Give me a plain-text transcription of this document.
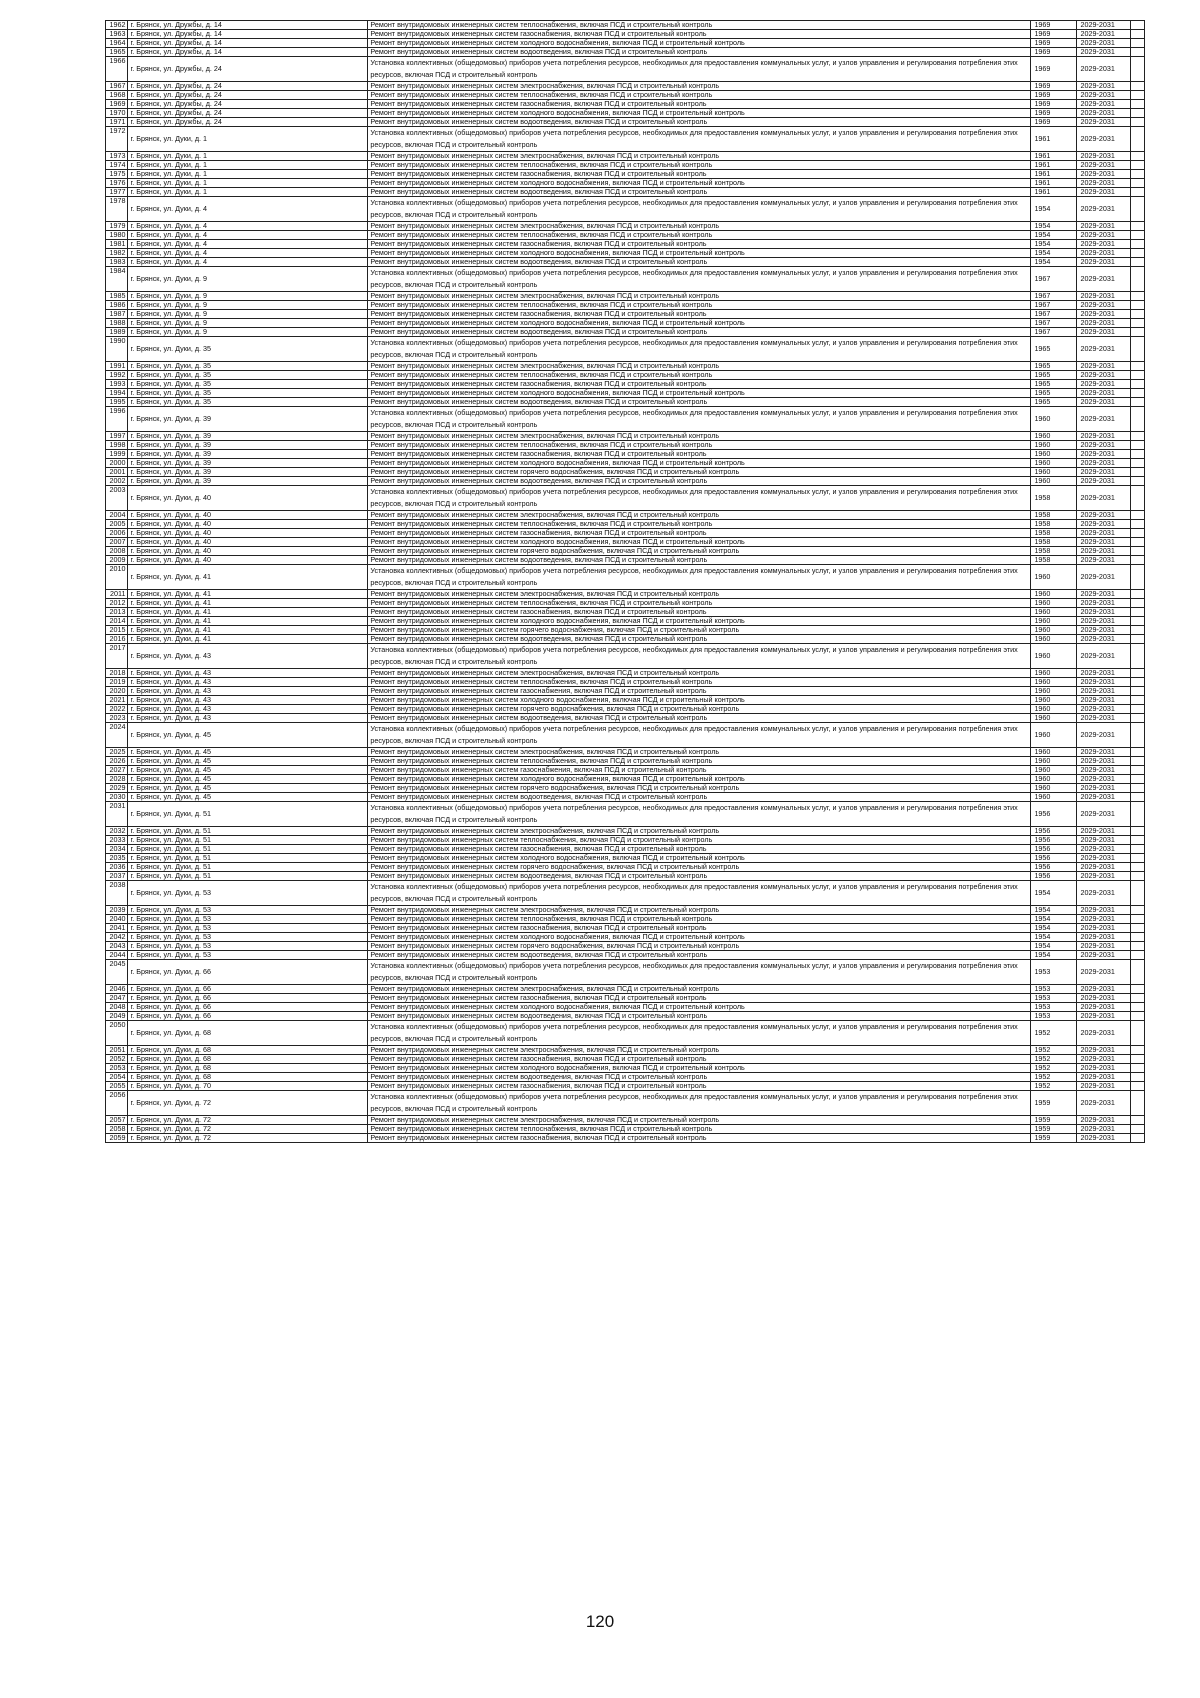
1962	г. Брянск, ул. Дружбы, д. 14	Ремонт внутридомовых инженерных систем теплоснабжения, включая ПСД и строительный контроль	1969	2029-2031	
1963	г. Брянск, ул. Дружбы, д. 14	Ремонт внутридомовых инженерных систем газоснабжения, включая ПСД и строительный контроль	1969	2029-2031	
1964	г. Брянск, ул. Дружбы, д. 14	Ремонт внутридомовых инженерных систем холодного водоснабжения, включая ПСД и строительный контроль	1969	2029-2031	
1965	г. Брянск, ул. Дружбы, д. 14	Ремонт внутридомовых инженерных систем водоотведения, включая ПСД и строительный контроль	1969	2029-2031	
1966	г. Брянск, ул. Дружбы, д. 24	Установка коллективных (общедомовых) приборов учета потребления ресурсов, необходимых для предоставления коммунальных услуг, и узлов управления и регулирования потребления этих ресурсов, включая ПСД и строительный контроль	1969	2029-2031	
1967	г. Брянск, ул. Дружбы, д. 24	Ремонт внутридомовых инженерных систем электроснабжения, включая ПСД и строительный контроль	1969	2029-2031	
1968	г. Брянск, ул. Дружбы, д. 24	Ремонт внутридомовых инженерных систем теплоснабжения, включая ПСД и строительный контроль	1969	2029-2031	
1969	г. Брянск, ул. Дружбы, д. 24	Ремонт внутридомовых инженерных систем газоснабжения, включая ПСД и строительный контроль	1969	2029-2031	
1970	г. Брянск, ул. Дружбы, д. 24	Ремонт внутридомовых инженерных систем холодного водоснабжения, включая ПСД и строительный контроль	1969	2029-2031	
1971	г. Брянск, ул. Дружбы, д. 24	Ремонт внутридомовых инженерных систем водоотведения, включая ПСД и строительный контроль	1969	2029-2031	
1972	г. Брянск, ул. Дуки, д. 1	Установка коллективных (общедомовых) приборов учета потребления ресурсов, необходимых для предоставления коммунальных услуг, и узлов управления и регулирования потребления этих ресурсов, включая ПСД и строительный контроль	1961	2029-2031	
1973	г. Брянск, ул. Дуки, д. 1	Ремонт внутридомовых инженерных систем электроснабжения, включая ПСД и строительный контроль	1961	2029-2031	
1974	г. Брянск, ул. Дуки, д. 1	Ремонт внутридомовых инженерных систем теплоснабжения, включая ПСД и строительный контроль	1961	2029-2031	
1975	г. Брянск, ул. Дуки, д. 1	Ремонт внутридомовых инженерных систем газоснабжения, включая ПСД и строительный контроль	1961	2029-2031	
1976	г. Брянск, ул. Дуки, д. 1	Ремонт внутридомовых инженерных систем холодного водоснабжения, включая ПСД и строительный контроль	1961	2029-2031	
1977	г. Брянск, ул. Дуки, д. 1	Ремонт внутридомовых инженерных систем водоотведения, включая ПСД и строительный контроль	1961	2029-2031	
1978	г. Брянск, ул. Дуки, д. 4	Установка коллективных (общедомовых) приборов учета потребления ресурсов, необходимых для предоставления коммунальных услуг, и узлов управления и регулирования потребления этих ресурсов, включая ПСД и строительный контроль	1954	2029-2031	
1979	г. Брянск, ул. Дуки, д. 4	Ремонт внутридомовых инженерных систем электроснабжения, включая ПСД и строительный контроль	1954	2029-2031	
1980	г. Брянск, ул. Дуки, д. 4	Ремонт внутридомовых инженерных систем теплоснабжения, включая ПСД и строительный контроль	1954	2029-2031	
1981	г. Брянск, ул. Дуки, д. 4	Ремонт внутридомовых инженерных систем газоснабжения, включая ПСД и строительный контроль	1954	2029-2031	
1982	г. Брянск, ул. Дуки, д. 4	Ремонт внутридомовых инженерных систем холодного водоснабжения, включая ПСД и строительный контроль	1954	2029-2031	
1983	г. Брянск, ул. Дуки, д. 4	Ремонт внутридомовых инженерных систем водоотведения, включая ПСД и строительный контроль	1954	2029-2031	
1984	г. Брянск, ул. Дуки, д. 9	Установка коллективных (общедомовых) приборов учета потребления ресурсов, необходимых для предоставления коммунальных услуг, и узлов управления и регулирования потребления этих ресурсов, включая ПСД и строительный контроль	1967	2029-2031	
1985	г. Брянск, ул. Дуки, д. 9	Ремонт внутридомовых инженерных систем электроснабжения, включая ПСД и строительный контроль	1967	2029-2031	
1986	г. Брянск, ул. Дуки, д. 9	Ремонт внутридомовых инженерных систем теплоснабжения, включая ПСД и строительный контроль	1967	2029-2031	
1987	г. Брянск, ул. Дуки, д. 9	Ремонт внутридомовых инженерных систем газоснабжения, включая ПСД и строительный контроль	1967	2029-2031	
1988	г. Брянск, ул. Дуки, д. 9	Ремонт внутридомовых инженерных систем холодного водоснабжения, включая ПСД и строительный контроль	1967	2029-2031	
1989	г. Брянск, ул. Дуки, д. 9	Ремонт внутридомовых инженерных систем водоотведения, включая ПСД и строительный контроль	1967	2029-2031	
1990	г. Брянск, ул. Дуки, д. 35	Установка коллективных (общедомовых) приборов учета потребления ресурсов, необходимых для предоставления коммунальных услуг, и узлов управления и регулирования потребления этих ресурсов, включая ПСД и строительный контроль	1965	2029-2031	
1991	г. Брянск, ул. Дуки, д. 35	Ремонт внутридомовых инженерных систем электроснабжения, включая ПСД и строительный контроль	1965	2029-2031	
1992	г. Брянск, ул. Дуки, д. 35	Ремонт внутридомовых инженерных систем теплоснабжения, включая ПСД и строительный контроль	1965	2029-2031	
1993	г. Брянск, ул. Дуки, д. 35	Ремонт внутридомовых инженерных систем газоснабжения, включая ПСД и строительный контроль	1965	2029-2031	
1994	г. Брянск, ул. Дуки, д. 35	Ремонт внутридомовых инженерных систем холодного водоснабжения, включая ПСД и строительный контроль	1965	2029-2031	
1995	г. Брянск, ул. Дуки, д. 35	Ремонт внутридомовых инженерных систем водоотведения, включая ПСД и строительный контроль	1965	2029-2031	
1996	г. Брянск, ул. Дуки, д. 39	Установка коллективных (общедомовых) приборов учета потребления ресурсов, необходимых для предоставления коммунальных услуг, и узлов управления и регулирования потребления этих ресурсов, включая ПСД и строительный контроль	1960	2029-2031	
1997	г. Брянск, ул. Дуки, д. 39	Ремонт внутридомовых инженерных систем электроснабжения, включая ПСД и строительный контроль	1960	2029-2031	
1998	г. Брянск, ул. Дуки, д. 39	Ремонт внутридомовых инженерных систем теплоснабжения, включая ПСД и строительный контроль	1960	2029-2031	
1999	г. Брянск, ул. Дуки, д. 39	Ремонт внутридомовых инженерных систем газоснабжения, включая ПСД и строительный контроль	1960	2029-2031	
2000	г. Брянск, ул. Дуки, д. 39	Ремонт внутридомовых инженерных систем холодного водоснабжения, включая ПСД и строительный контроль	1960	2029-2031	
2001	г. Брянск, ул. Дуки, д. 39	Ремонт внутридомовых инженерных систем горячего водоснабжения, включая ПСД и строительный контроль	1960	2029-2031	
2002	г. Брянск, ул. Дуки, д. 39	Ремонт внутридомовых инженерных систем водоотведения, включая ПСД и строительный контроль	1960	2029-2031	
2003	г. Брянск, ул. Дуки, д. 40	Установка коллективных (общедомовых) приборов учета потребления ресурсов, необходимых для предоставления коммунальных услуг, и узлов управления и регулирования потребления этих ресурсов, включая ПСД и строительный контроль	1958	2029-2031	
2004	г. Брянск, ул. Дуки, д. 40	Ремонт внутридомовых инженерных систем электроснабжения, включая ПСД и строительный контроль	1958	2029-2031	
2005	г. Брянск, ул. Дуки, д. 40	Ремонт внутридомовых инженерных систем теплоснабжения, включая ПСД и строительный контроль	1958	2029-2031	
2006	г. Брянск, ул. Дуки, д. 40	Ремонт внутридомовых инженерных систем газоснабжения, включая ПСД и строительный контроль	1958	2029-2031	
2007	г. Брянск, ул. Дуки, д. 40	Ремонт внутридомовых инженерных систем холодного водоснабжения, включая ПСД и строительный контроль	1958	2029-2031	
2008	г. Брянск, ул. Дуки, д. 40	Ремонт внутридомовых инженерных систем горячего водоснабжения, включая ПСД и строительный контроль	1958	2029-2031	
2009	г. Брянск, ул. Дуки, д. 40	Ремонт внутридомовых инженерных систем водоотведения, включая ПСД и строительный контроль	1958	2029-2031	
2010	г. Брянск, ул. Дуки, д. 41	Установка коллективных (общедомовых) приборов учета потребления ресурсов, необходимых для предоставления коммунальных услуг, и узлов управления и регулирования потребления этих ресурсов, включая ПСД и строительный контроль	1960	2029-2031	
2011	г. Брянск, ул. Дуки, д. 41	Ремонт внутридомовых инженерных систем электроснабжения, включая ПСД и строительный контроль	1960	2029-2031	
2012	г. Брянск, ул. Дуки, д. 41	Ремонт внутридомовых инженерных систем теплоснабжения, включая ПСД и строительный контроль	1960	2029-2031	
2013	г. Брянск, ул. Дуки, д. 41	Ремонт внутридомовых инженерных систем газоснабжения, включая ПСД и строительный контроль	1960	2029-2031	
2014	г. Брянск, ул. Дуки, д. 41	Ремонт внутридомовых инженерных систем холодного водоснабжения, включая ПСД и строительный контроль	1960	2029-2031	
2015	г. Брянск, ул. Дуки, д. 41	Ремонт внутридомовых инженерных систем горячего водоснабжения, включая ПСД и строительный контроль	1960	2029-2031	
2016	г. Брянск, ул. Дуки, д. 41	Ремонт внутридомовых инженерных систем водоотведения, включая ПСД и строительный контроль	1960	2029-2031	
2017	г. Брянск, ул. Дуки, д. 43	Установка коллективных (общедомовых) приборов учета потребления ресурсов, необходимых для предоставления коммунальных услуг, и узлов управления и регулирования потребления этих ресурсов, включая ПСД и строительный контроль	1960	2029-2031	
2018	г. Брянск, ул. Дуки, д. 43	Ремонт внутридомовых инженерных систем электроснабжения, включая ПСД и строительный контроль	1960	2029-2031	
2019	г. Брянск, ул. Дуки, д. 43	Ремонт внутридомовых инженерных систем теплоснабжения, включая ПСД и строительный контроль	1960	2029-2031	
2020	г. Брянск, ул. Дуки, д. 43	Ремонт внутридомовых инженерных систем газоснабжения, включая ПСД и строительный контроль	1960	2029-2031	
2021	г. Брянск, ул. Дуки, д. 43	Ремонт внутридомовых инженерных систем холодного водоснабжения, включая ПСД и строительный контроль	1960	2029-2031	
2022	г. Брянск, ул. Дуки, д. 43	Ремонт внутридомовых инженерных систем горячего водоснабжения, включая ПСД и строительный контроль	1960	2029-2031	
2023	г. Брянск, ул. Дуки, д. 43	Ремонт внутридомовых инженерных систем водоотведения, включая ПСД и строительный контроль	1960	2029-2031	
2024	г. Брянск, ул. Дуки, д. 45	Установка коллективных (общедомовых) приборов учета потребления ресурсов, необходимых для предоставления коммунальных услуг, и узлов управления и регулирования потребления этих ресурсов, включая ПСД и строительный контроль	1960	2029-2031	
2025	г. Брянск, ул. Дуки, д. 45	Ремонт внутридомовых инженерных систем электроснабжения, включая ПСД и строительный контроль	1960	2029-2031	
2026	г. Брянск, ул. Дуки, д. 45	Ремонт внутридомовых инженерных систем теплоснабжения, включая ПСД и строительный контроль	1960	2029-2031	
2027	г. Брянск, ул. Дуки, д. 45	Ремонт внутридомовых инженерных систем газоснабжения, включая ПСД и строительный контроль	1960	2029-2031	
2028	г. Брянск, ул. Дуки, д. 45	Ремонт внутридомовых инженерных систем холодного водоснабжения, включая ПСД и строительный контроль	1960	2029-2031	
2029	г. Брянск, ул. Дуки, д. 45	Ремонт внутридомовых инженерных систем горячего водоснабжения, включая ПСД и строительный контроль	1960	2029-2031	
2030	г. Брянск, ул. Дуки, д. 45	Ремонт внутридомовых инженерных систем водоотведения, включая ПСД и строительный контроль	1960	2029-2031	
2031	г. Брянск, ул. Дуки, д. 51	Установка коллективных (общедомовых) приборов учета потребления ресурсов, необходимых для предоставления коммунальных услуг, и узлов управления и регулирования потребления этих ресурсов, включая ПСД и строительный контроль	1956	2029-2031	
2032	г. Брянск, ул. Дуки, д. 51	Ремонт внутридомовых инженерных систем электроснабжения, включая ПСД и строительный контроль	1956	2029-2031	
2033	г. Брянск, ул. Дуки, д. 51	Ремонт внутридомовых инженерных систем теплоснабжения, включая ПСД и строительный контроль	1956	2029-2031	
2034	г. Брянск, ул. Дуки, д. 51	Ремонт внутридомовых инженерных систем газоснабжения, включая ПСД и строительный контроль	1956	2029-2031	
2035	г. Брянск, ул. Дуки, д. 51	Ремонт внутридомовых инженерных систем холодного водоснабжения, включая ПСД и строительный контроль	1956	2029-2031	
2036	г. Брянск, ул. Дуки, д. 51	Ремонт внутридомовых инженерных систем горячего водоснабжения, включая ПСД и строительный контроль	1956	2029-2031	
2037	г. Брянск, ул. Дуки, д. 51	Ремонт внутридомовых инженерных систем водоотведения, включая ПСД и строительный контроль	1956	2029-2031	
2038	г. Брянск, ул. Дуки, д. 53	Установка коллективных (общедомовых) приборов учета потребления ресурсов, необходимых для предоставления коммунальных услуг, и узлов управления и регулирования потребления этих ресурсов, включая ПСД и строительный контроль	1954	2029-2031	
2039	г. Брянск, ул. Дуки, д. 53	Ремонт внутридомовых инженерных систем электроснабжения, включая ПСД и строительный контроль	1954	2029-2031	
2040	г. Брянск, ул. Дуки, д. 53	Ремонт внутридомовых инженерных систем теплоснабжения, включая ПСД и строительный контроль	1954	2029-2031	
2041	г. Брянск, ул. Дуки, д. 53	Ремонт внутридомовых инженерных систем газоснабжения, включая ПСД и строительный контроль	1954	2029-2031	
2042	г. Брянск, ул. Дуки, д. 53	Ремонт внутридомовых инженерных систем холодного водоснабжения, включая ПСД и строительный контроль	1954	2029-2031	
2043	г. Брянск, ул. Дуки, д. 53	Ремонт внутридомовых инженерных систем горячего водоснабжения, включая ПСД и строительный контроль	1954	2029-2031	
2044	г. Брянск, ул. Дуки, д. 53	Ремонт внутридомовых инженерных систем водоотведения, включая ПСД и строительный контроль	1954	2029-2031	
2045	г. Брянск, ул. Дуки, д. 66	Установка коллективных (общедомовых) приборов учета потребления ресурсов, необходимых для предоставления коммунальных услуг, и узлов управления и регулирования потребления этих ресурсов, включая ПСД и строительный контроль	1953	2029-2031	
2046	г. Брянск, ул. Дуки, д. 66	Ремонт внутридомовых инженерных систем электроснабжения, включая ПСД и строительный контроль	1953	2029-2031	
2047	г. Брянск, ул. Дуки, д. 66	Ремонт внутридомовых инженерных систем газоснабжения, включая ПСД и строительный контроль	1953	2029-2031	
2048	г. Брянск, ул. Дуки, д. 66	Ремонт внутридомовых инженерных систем холодного водоснабжения, включая ПСД и строительный контроль	1953	2029-2031	
2049	г. Брянск, ул. Дуки, д. 66	Ремонт внутридомовых инженерных систем водоотведения, включая ПСД и строительный контроль	1953	2029-2031	
2050	г. Брянск, ул. Дуки, д. 68	Установка коллективных (общедомовых) приборов учета потребления ресурсов, необходимых для предоставления коммунальных услуг, и узлов управления и регулирования потребления этих ресурсов, включая ПСД и строительный контроль	1952	2029-2031	
2051	г. Брянск, ул. Дуки, д. 68	Ремонт внутридомовых инженерных систем электроснабжения, включая ПСД и строительный контроль	1952	2029-2031	
2052	г. Брянск, ул. Дуки, д. 68	Ремонт внутридомовых инженерных систем газоснабжения, включая ПСД и строительный контроль	1952	2029-2031	
2053	г. Брянск, ул. Дуки, д. 68	Ремонт внутридомовых инженерных систем холодного водоснабжения, включая ПСД и строительный контроль	1952	2029-2031	
2054	г. Брянск, ул. Дуки, д. 68	Ремонт внутридомовых инженерных систем водоотведения, включая ПСД и строительный контроль	1952	2029-2031	
2055	г. Брянск, ул. Дуки, д. 70	Ремонт внутридомовых инженерных систем газоснабжения, включая ПСД и строительный контроль	1952	2029-2031	
2056	г. Брянск, ул. Дуки, д. 72	Установка коллективных (общедомовых) приборов учета потребления ресурсов, необходимых для предоставления коммунальных услуг, и узлов управления и регулирования потребления этих ресурсов, включая ПСД и строительный контроль	1959	2029-2031	
2057	г. Брянск, ул. Дуки, д. 72	Ремонт внутридомовых инженерных систем электроснабжения, включая ПСД и строительный контроль	1959	2029-2031	
2058	г. Брянск, ул. Дуки, д. 72	Ремонт внутридомовых инженерных систем теплоснабжения, включая ПСД и строительный контроль	1959	2029-2031	
2059	г. Брянск, ул. Дуки, д. 72	Ремонт внутридомовых инженерных систем газоснабжения, включая ПСД и строительный контроль	1959	2029-2031	
120
